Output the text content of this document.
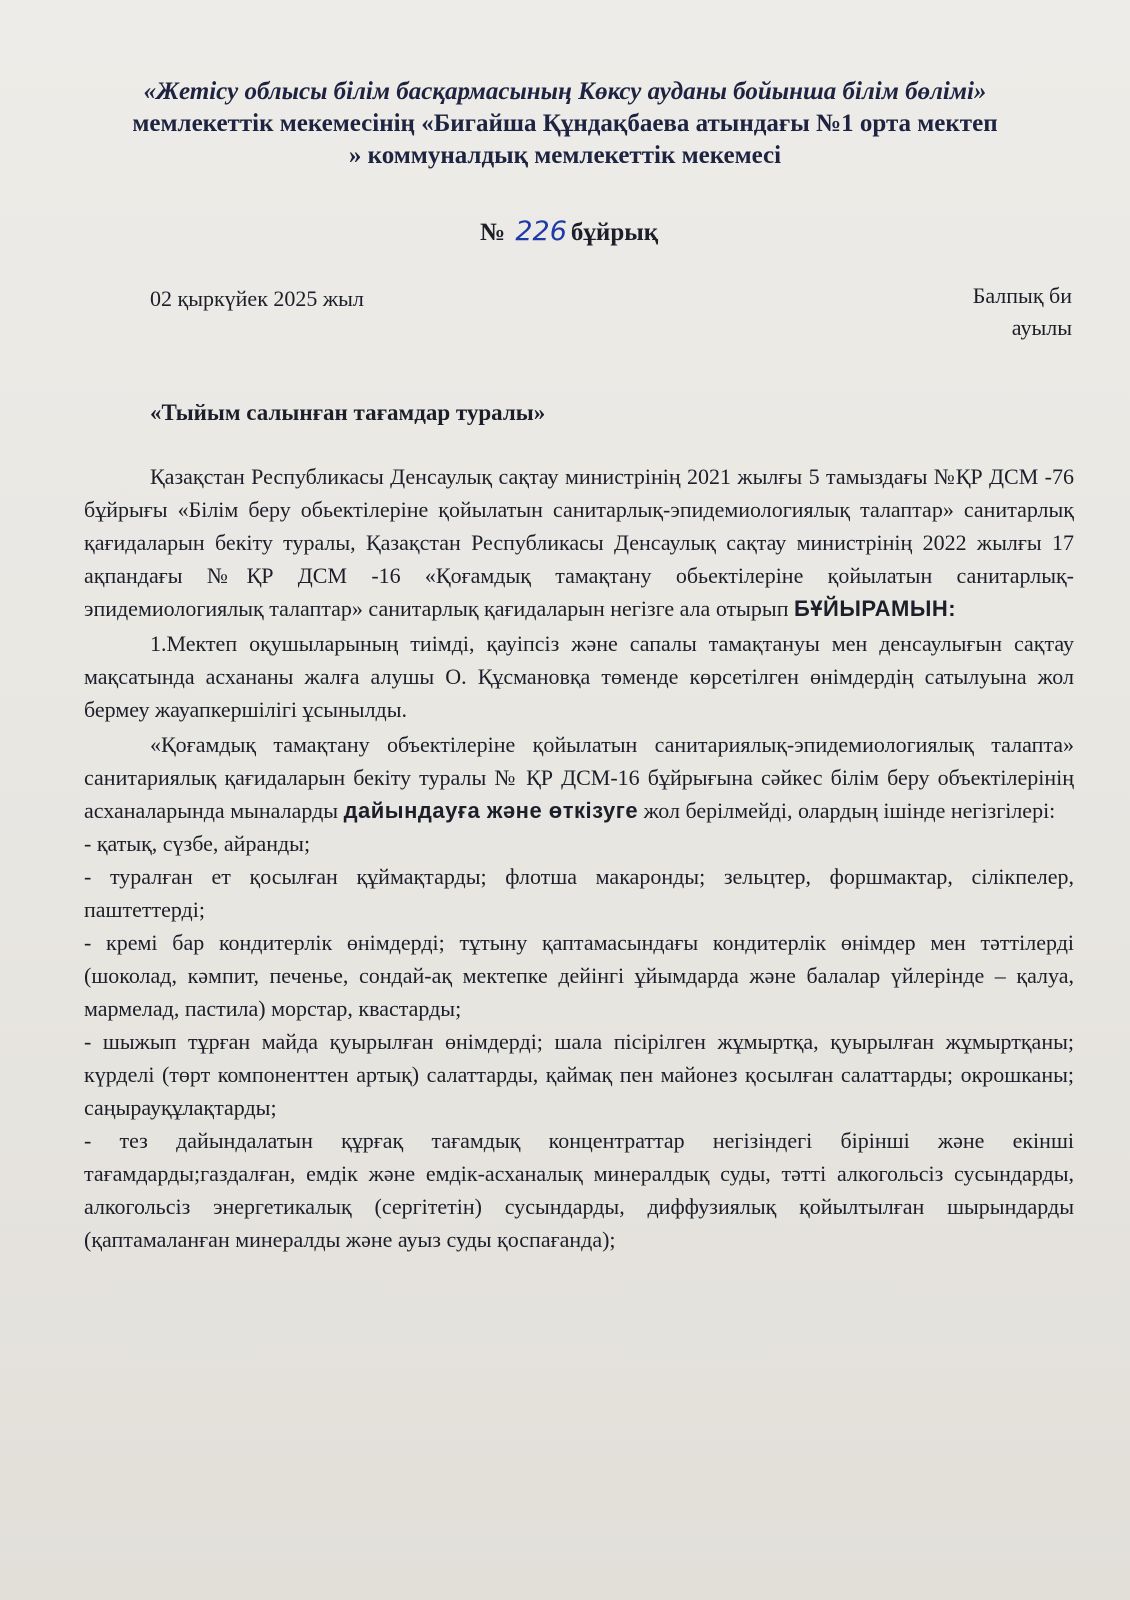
«Жетісу облысы білім басқармасының Көксу ауданы бойынша білім бөлімі»
мемлекеттік мекемесінің «Бигайша Құндақбаева атындағы №1 орта мектеп
» коммуналдық мемлекеттік мекемесі
№ 226 бұйрық
02 қыркүйек 2025 жыл	Балпық би
ауылы
«Тыйым салынған тағамдар туралы»

Қазақстан Республикасы Денсаулық сақтау министрінің 2021 жылғы 5 тамыздағы №ҚР ДСМ -76 бұйрығы «Білім беру обьектілеріне қойылатын санитарлық-эпидемиологиялық талаптар» санитарлық қағидаларын бекіту туралы, Қазақстан Республикасы Денсаулық сақтау министрінің 2022 жылғы 17 ақпандағы №ҚР ДСМ -16 «Қоғамдық тамақтану обьектілеріне қойылатын санитарлық-эпидемиологиялық талаптар» санитарлық қағидаларын негізге ала отырып БҰЙЫРАМЫН:

1.Мектеп оқушыларының тиімді, қауіпсіз және сапалы тамақтануы мен денсаулығын сақтау мақсатында асхананы жалға алушы О. Құсмановқа төменде көрсетілген өнімдердің сатылуына жол бермеу жауапкершілігі ұсынылды.

«Қоғамдық тамақтану объектілеріне қойылатын санитариялық-эпидемиологиялық талапта» санитариялық қағидаларын бекіту туралы № ҚР ДСМ-16 бұйрығына сәйкес білім беру объектілерінің асханаларында мыналарды дайындауға және өткізуге жол берілмейді, олардың ішінде негізгілері:

- қатық, сүзбе, айранды;

- туралған ет қосылған құймақтарды; флотша макаронды; зельцтер, форшмактар, сілікпелер, паштеттерді;

- кремі бар кондитерлік өнімдерді; тұтыну қаптамасындағы кондитерлік өнімдер мен тәттілерді (шоколад, кәмпит, печенье, сондай-ақ мектепке дейінгі ұйымдарда және балалар үйлерінде – қалуа, мармелад, пастила) морстар, квастарды;

- шыжып тұрған майда қуырылған өнімдерді; шала пісірілген жұмыртқа, қуырылған жұмыртқаны; күрделі (төрт компоненттен артық) салаттарды, қаймақ пен майонез қосылған салаттарды; окрошканы; саңырауқұлақтарды;

- тез дайындалатын құрғақ тағамдық концентраттар негізіндегі бірінші және екінші тағамдарды;газдалған, емдік және емдік-асханалық минералдық суды, тәтті алкогольсіз сусындарды, алкогольсіз энергетикалық (сергітетін) сусындарды, диффузиялық қойылтылған шырындарды (қаптамаланған минералды және ауыз суды қоспағанда);
